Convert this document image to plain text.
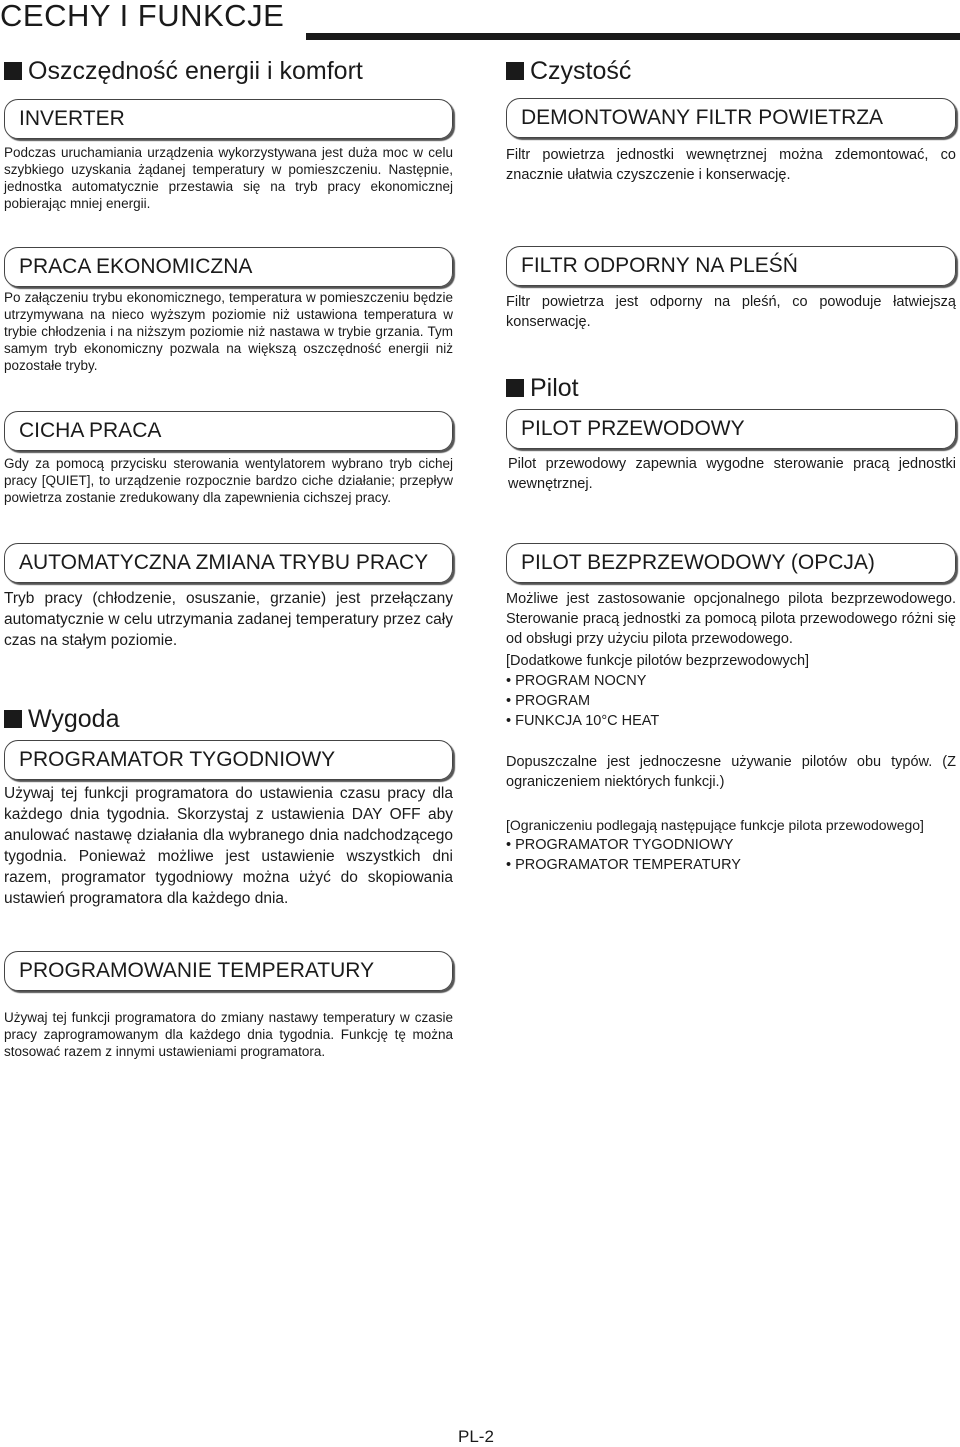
CECHY I FUNKCJE
Oszczędność energii i komfort
INVERTER

Podczas uruchamiania urządzenia wykorzystywana jest duża moc w celu szybkiego uzyskania żądanej temperatury w pomieszczeniu. Następnie, jednostka automatycznie przestawia się na tryb pracy ekonomicznej pobierając mniej energii.

PRACA EKONOMICZNA

Po załączeniu trybu ekonomicznego, temperatura w pomieszczeniu będzie utrzymywana na nieco wyższym poziomie niż ustawiona temperatura w trybie chłodzenia i na niższym poziomie niż nastawa w trybie grzania. Tym samym tryb ekonomiczny pozwala na większą oszczędność energii niż pozostałe tryby.

CICHA PRACA

Gdy za pomocą przycisku sterowania wentylatorem wybrano tryb cichej pracy [QUIET], to urządzenie rozpocznie bardzo ciche działanie; przepływ powietrza zostanie zredukowany dla zapewnienia cichszej pracy.

AUTOMATYCZNA ZMIANA TRYBU PRACY

Tryb pracy (chłodzenie, osuszanie, grzanie) jest przełączany automatycznie w celu utrzymania zadanej temperatury przez cały czas na stałym poziomie.

Wygoda
PROGRAMATOR TYGODNIOWY

Używaj tej funkcji programatora do ustawienia czasu pracy dla każdego dnia tygodnia. Skorzystaj z ustawienia DAY OFF aby anulować nastawę działania dla wybranego dnia nadchodzącego tygodnia. Ponieważ możliwe jest ustawienie wszystkich dni razem, programator tygodniowy można użyć do skopiowania ustawień programatora dla każdego dnia.

PROGRAMOWANIE TEMPERATURY

Używaj tej funkcji programatora do zmiany nastawy temperatury w czasie pracy zaprogramowanym dla każdego dnia tygodnia. Funkcję tę można stosować razem z innymi ustawieniami programatora.

Czystość
DEMONTOWANY FILTR POWIETRZA

Filtr powietrza jednostki wewnętrznej można zdemontować, co znacznie ułatwia czyszczenie i konserwację.

FILTR ODPORNY NA PLEŚŃ

Filtr powietrza jest odporny na pleśń, co powoduje łatwiejszą konserwację.

Pilot
PILOT PRZEWODOWY

Pilot przewodowy zapewnia wygodne sterowanie pracą jednostki wewnętrznej.

PILOT BEZPRZEWODOWY (OPCJA)

Możliwe jest zastosowanie opcjonalnego pilota bezprzewodowego. Sterowanie pracą jednostki za pomocą pilota przewodowego różni się od obsługi przy użyciu pilota przewodowego.

[Dodatkowe funkcje pilotów bezprzewodowych]

• PROGRAM NOCNY

• PROGRAM

• FUNKCJA 10°C HEAT

Dopuszczalne jest jednoczesne używanie pilotów obu typów. (Z ograniczeniem niektórych funkcji.)

[Ograniczeniu podlegają następujące funkcje pilota przewodowego]

• PROGRAMATOR TYGODNIOWY

• PROGRAMATOR TEMPERATURY

PL-2
